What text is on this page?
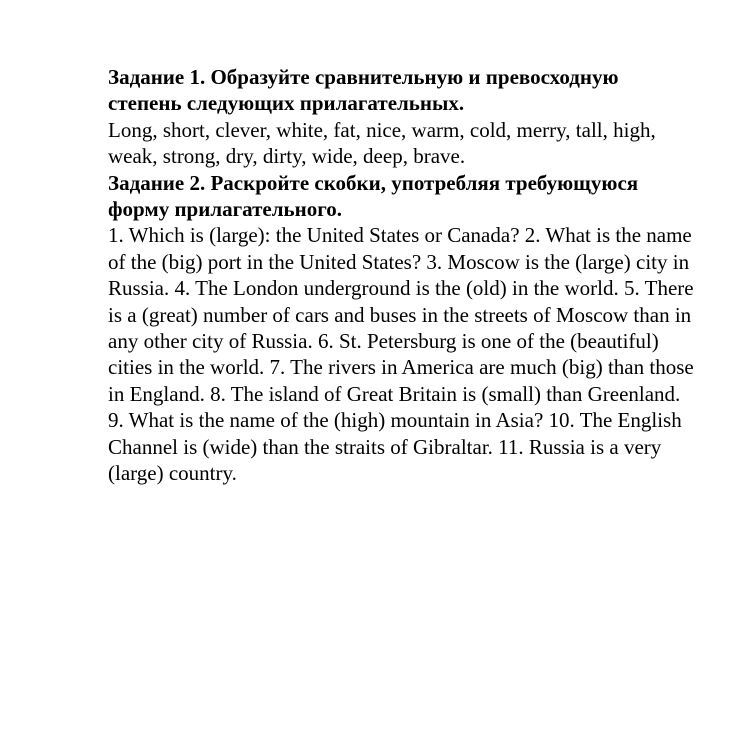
Задание 1. Образуйте сравнительную и превосходную степень следующих прилагательных.

Long, short, clever, white, fat, nice, warm, cold, merry, tall, high, weak, strong, dry, dirty, wide, deep, brave.

Задание 2. Раскройте скобки, употребляя требующуюся форму прилагательного.

1. Which is (large): the United States or Canada? 2. What is the name of the (big) port in the United States? 3. Moscow is the (large) city in Russia. 4. The London underground is the (old) in the world. 5. There is a (great) number of cars and buses in the streets of Moscow than in any other city of Russia. 6. St. Petersburg is one of the (beautiful) cities in the world. 7. The rivers in America are much (big) than those in England. 8. The island of Great Britain is (small) than Greenland. 9. What is the name of the (high) mountain in Asia? 10. The English Channel is (wide) than the straits of Gibraltar. 11. Russia is a very (large) country.
